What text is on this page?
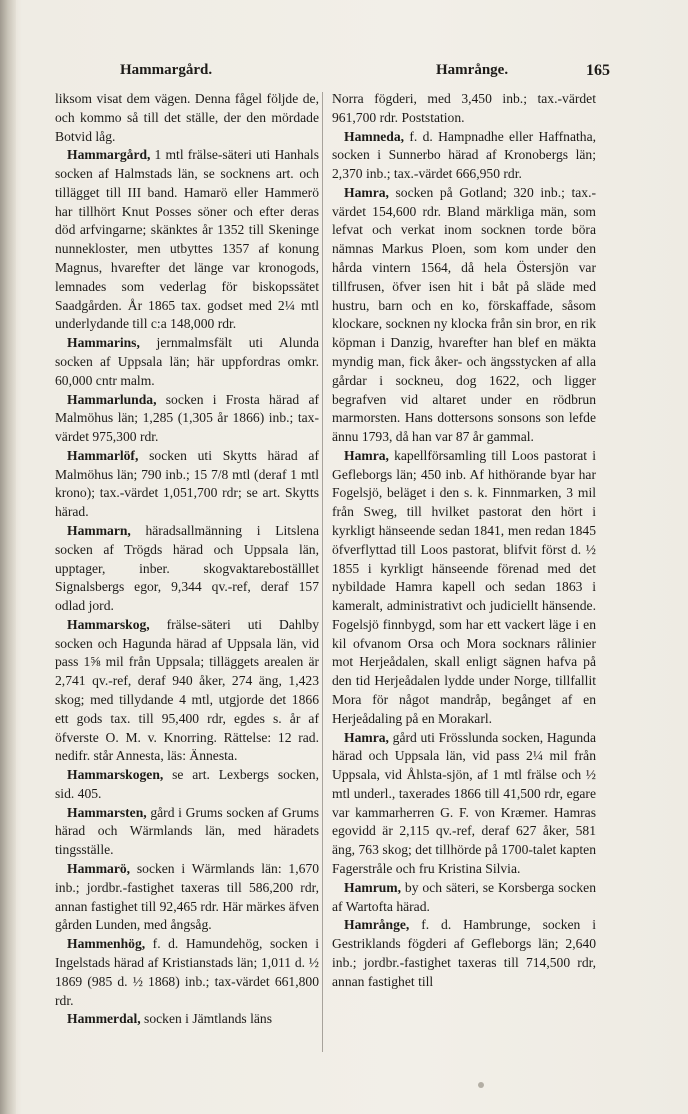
Hammargård.	Hamrånge.	165

liksom visat dem vägen. Denna fågel följde de, och kommo så till det ställe, der den mördade Botvid låg.

Hammargård, 1 mtl frälse-säteri uti Hanhals socken af Halmstads län, se socknens art. och tillägget till III band. Hamarö eller Hammerö har tillhört Knut Posses söner och efter deras död arfvingarne; skänktes år 1352 till Skeninge nunnekloster, men utbyttes 1357 af konung Magnus, hvarefter det länge var kronogods, lemnades som vederlag för biskopssätet Saadgården. År 1865 tax. godset med 2¼ mtl underlydande till c:a 148,000 rdr.

Hammarins, jernmalmsfält uti Alunda socken af Uppsala län; här uppfordras omkr. 60,000 cntr malm.

Hammarlunda, socken i Frosta härad af Malmöhus län; 1,285 (1,305 år 1866) inb.; tax-värdet 975,300 rdr.

Hammarlöf, socken uti Skytts härad af Malmöhus län; 790 inb.; 15 7/8 mtl (deraf 1 mtl krono); tax.-värdet 1,051,700 rdr; se art. Skytts härad.

Hammarn, häradsallmänning i Litslena socken af Trögds härad och Uppsala län, upptager, inber. skogvaktareboställlet Signalsbergs egor, 9,344 qv.-ref, deraf 157 odlad jord.

Hammarskog, frälse-säteri uti Dahlby socken och Hagunda härad af Uppsala län, vid pass 1⅝ mil från Uppsala; tilläggets arealen är 2,741 qv.-ref, deraf 940 åker, 274 äng, 1,423 skog; med tillydande 4 mtl, utgjorde det 1866 ett gods tax. till 95,400 rdr, egdes s. år af öfverste O. M. v. Knorring. Rättelse: 12 rad. nedifr. står Annesta, läs: Ännesta.

Hammarskogen, se art. Lexbergs socken, sid. 405.

Hammarsten, gård i Grums socken af Grums härad och Wärmlands län, med häradets tingsställe.

Hammarö, socken i Wärmlands län: 1,670 inb.; jordbr.-fastighet taxeras till 586,200 rdr, annan fastighet till 92,465 rdr. Här märkes äfven gården Lunden, med ångsåg.

Hammenhög, f. d. Hamundehög, socken i Ingelstads härad af Kristianstads län; 1,011 d. ½ 1869 (985 d. ½ 1868) inb.; tax-värdet 661,800 rdr.

Hammerdal, socken i Jämtlands läns

Norra fögderi, med 3,450 inb.; tax.-värdet 961,700 rdr. Poststation.

Hamneda, f. d. Hampnadhe eller Haffnatha, socken i Sunnerbo härad af Kronobergs län; 2,370 inb.; tax.-värdet 666,950 rdr.

Hamra, socken på Gotland; 320 inb.; tax.-värdet 154,600 rdr. Bland märkliga män, som lefvat och verkat inom socknen torde böra nämnas Markus Ploen, som kom under den hårda vintern 1564, då hela Östersjön var tillfrusen, öfver isen hit i båt på släde med hustru, barn och en ko, förskaffade, såsom klockare, socknen ny klocka från sin bror, en rik köpman i Danzig, hvarefter han blef en mäkta myndig man, fick åker- och ängsstycken af alla gårdar i sockneu, dog 1622, och ligger begrafven vid altaret under en rödbrun marmorsten. Hans dottersons sonsons son lefde ännu 1793, då han var 87 år gammal.

Hamra, kapellförsamling till Loos pastorat i Gefleborgs län; 450 inb. Af hithörande byar har Fogelsjö, beläget i den s. k. Finnmarken, 3 mil från Sweg, till hvilket pastorat den hört i kyrkligt hänseende sedan 1841, men redan 1845 öfverflyttad till Loos pastorat, blifvit först d. ½ 1855 i kyrkligt hänseende förenad med det nybildade Hamra kapell och sedan 1863 i kameralt, administrativt och judiciellt hänsende. Fogelsjö finnbygd, som har ett vackert läge i en kil ofvanom Orsa och Mora socknars rålinier mot Herjeådalen, skall enligt sägnen hafva på den tid Herjeådalen lydde under Norge, tillfallit Mora för något mandråp, begånget af en Herjeådaling på en Morakarl.

Hamra, gård uti Frösslunda socken, Hagunda härad och Uppsala län, vid pass 2¼ mil från Uppsala, vid Åhlsta-sjön, af 1 mtl frälse och ½ mtl underl., taxerades 1866 till 41,500 rdr, egare var kammarherren G. F. von Kræmer. Hamras egovidd är 2,115 qv.-ref, deraf 627 åker, 581 äng, 763 skog; det tillhörde på 1700-talet kapten Fagerstråle och fru Kristina Silvia.

Hamrum, by och säteri, se Korsberga socken af Wartofta härad.

Hamrånge, f. d. Hambrunge, socken i Gestriklands fögderi af Gefleborgs län; 2,640 inb.; jordbr.-fastighet taxeras till 714,500 rdr, annan fastighet till
